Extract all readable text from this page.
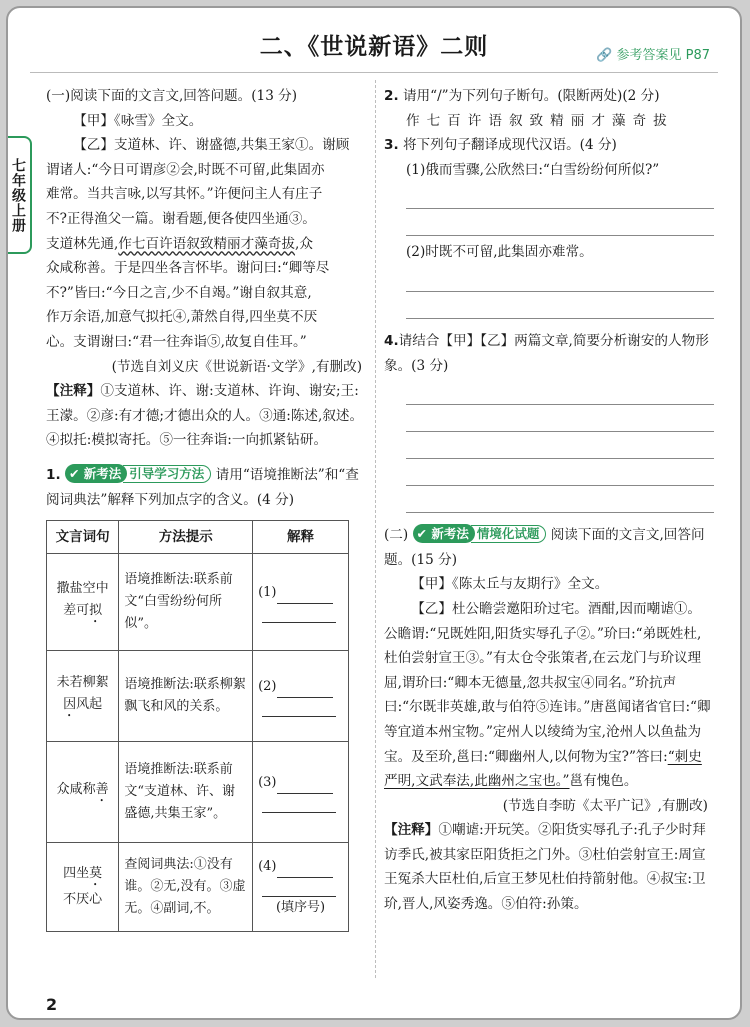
二、《世说新语》二则	🔗 参考答案见 P87
七年级上册

(一)阅读下面的文言文,回答问题。(13 分)

【甲】《咏雪》全文。

【乙】支道林、许、谢盛德,共集王家①。谢顾

谓诸人:“今日可谓彦②会,时既不可留,此集固亦

难常。当共言咏,以写其怀。”许便问主人有庄子

不?正得渔父一篇。谢看题,便各使四坐通③。

支道林先通,作七百许语叙致精丽才藻奇拔,众

众咸称善。于是四坐各言怀毕。谢问曰:“卿等尽

不?”皆曰:“今日之言,少不自竭。”谢自叙其意,

作万余语,加意气拟托④,萧然自得,四坐莫不厌

心。支谓谢曰:“君一往奔诣⑤,故复自佳耳。”

(节选自刘义庆《世说新语·文学》,有删改)

【注释】①支道林、许、谢:支道林、许询、谢安;王:王濛。②彦:有才德;才德出众的人。③通:陈述,叙述。④拟托:模拟寄托。⑤一往奔诣:一向抓紧钻研。

1. ✔ 新考法 引导学习方法 请用“语境推断法”和“查阅词典法”解释下列加点字的含义。(4 分)

文言词句	方法提示	解释
撒盐空中
差可拟	语境推断法:联系前文“白雪纷纷何所似”。	(1)

未若柳絮
因风起	语境推断法:联系柳絮飘飞和风的关系。	(2)

众咸称善	语境推断法:联系前文“支道林、许、谢盛德,共集王家”。	(3)

四坐莫
不厌心	查阅词典法:①没有谁。②无,没有。③虚无。④副词,不。	(4)
(填序号)

2. 请用“/”为下列句子断句。(限断两处)(2 分)

作七百许语叙致精丽才藻奇拔

3. 将下列句子翻译成现代汉语。(4 分)

(1)俄而雪骤,公欣然曰:“白雪纷纷何所似?”

(2)时既不可留,此集固亦难常。

4.请结合【甲】【乙】两篇文章,简要分析谢安的人物形象。(3 分)

(二) ✔ 新考法 情境化试题 阅读下面的文言文,回答问题。(15 分)

【甲】《陈太丘与友期行》全文。

【乙】杜公瞻尝邀阳玠过宅。酒酣,因而嘲谑①。公瞻谓:“兄既姓阳,阳货实辱孔子②。”玠曰:“弟既姓杜,杜伯尝射宣王③。”有太仓令张策者,在云龙门与玠议理屈,谓玠曰:“卿本无德量,忽共叔宝④同名。”玠抗声曰:“尔既非英雄,敢与伯符⑤连讳。”唐邕闻诸省官曰:“卿等宜道本州宝物。”定州人以绫绮为宝,沧州人以鱼盐为宝。及至玠,邕曰:“卿幽州人,以何物为宝?”答曰:“刺史严明,文武奉法,此幽州之宝也。”邕有愧色。

(节选自李昉《太平广记》,有删改)

【注释】①嘲谑:开玩笑。②阳货实辱孔子:孔子少时拜访季氏,被其家臣阳货拒之门外。③杜伯尝射宣王:周宣王冤杀大臣杜伯,后宣王梦见杜伯持箭射他。④叔宝:卫玠,晋人,风姿秀逸。⑤伯符:孙策。

2
